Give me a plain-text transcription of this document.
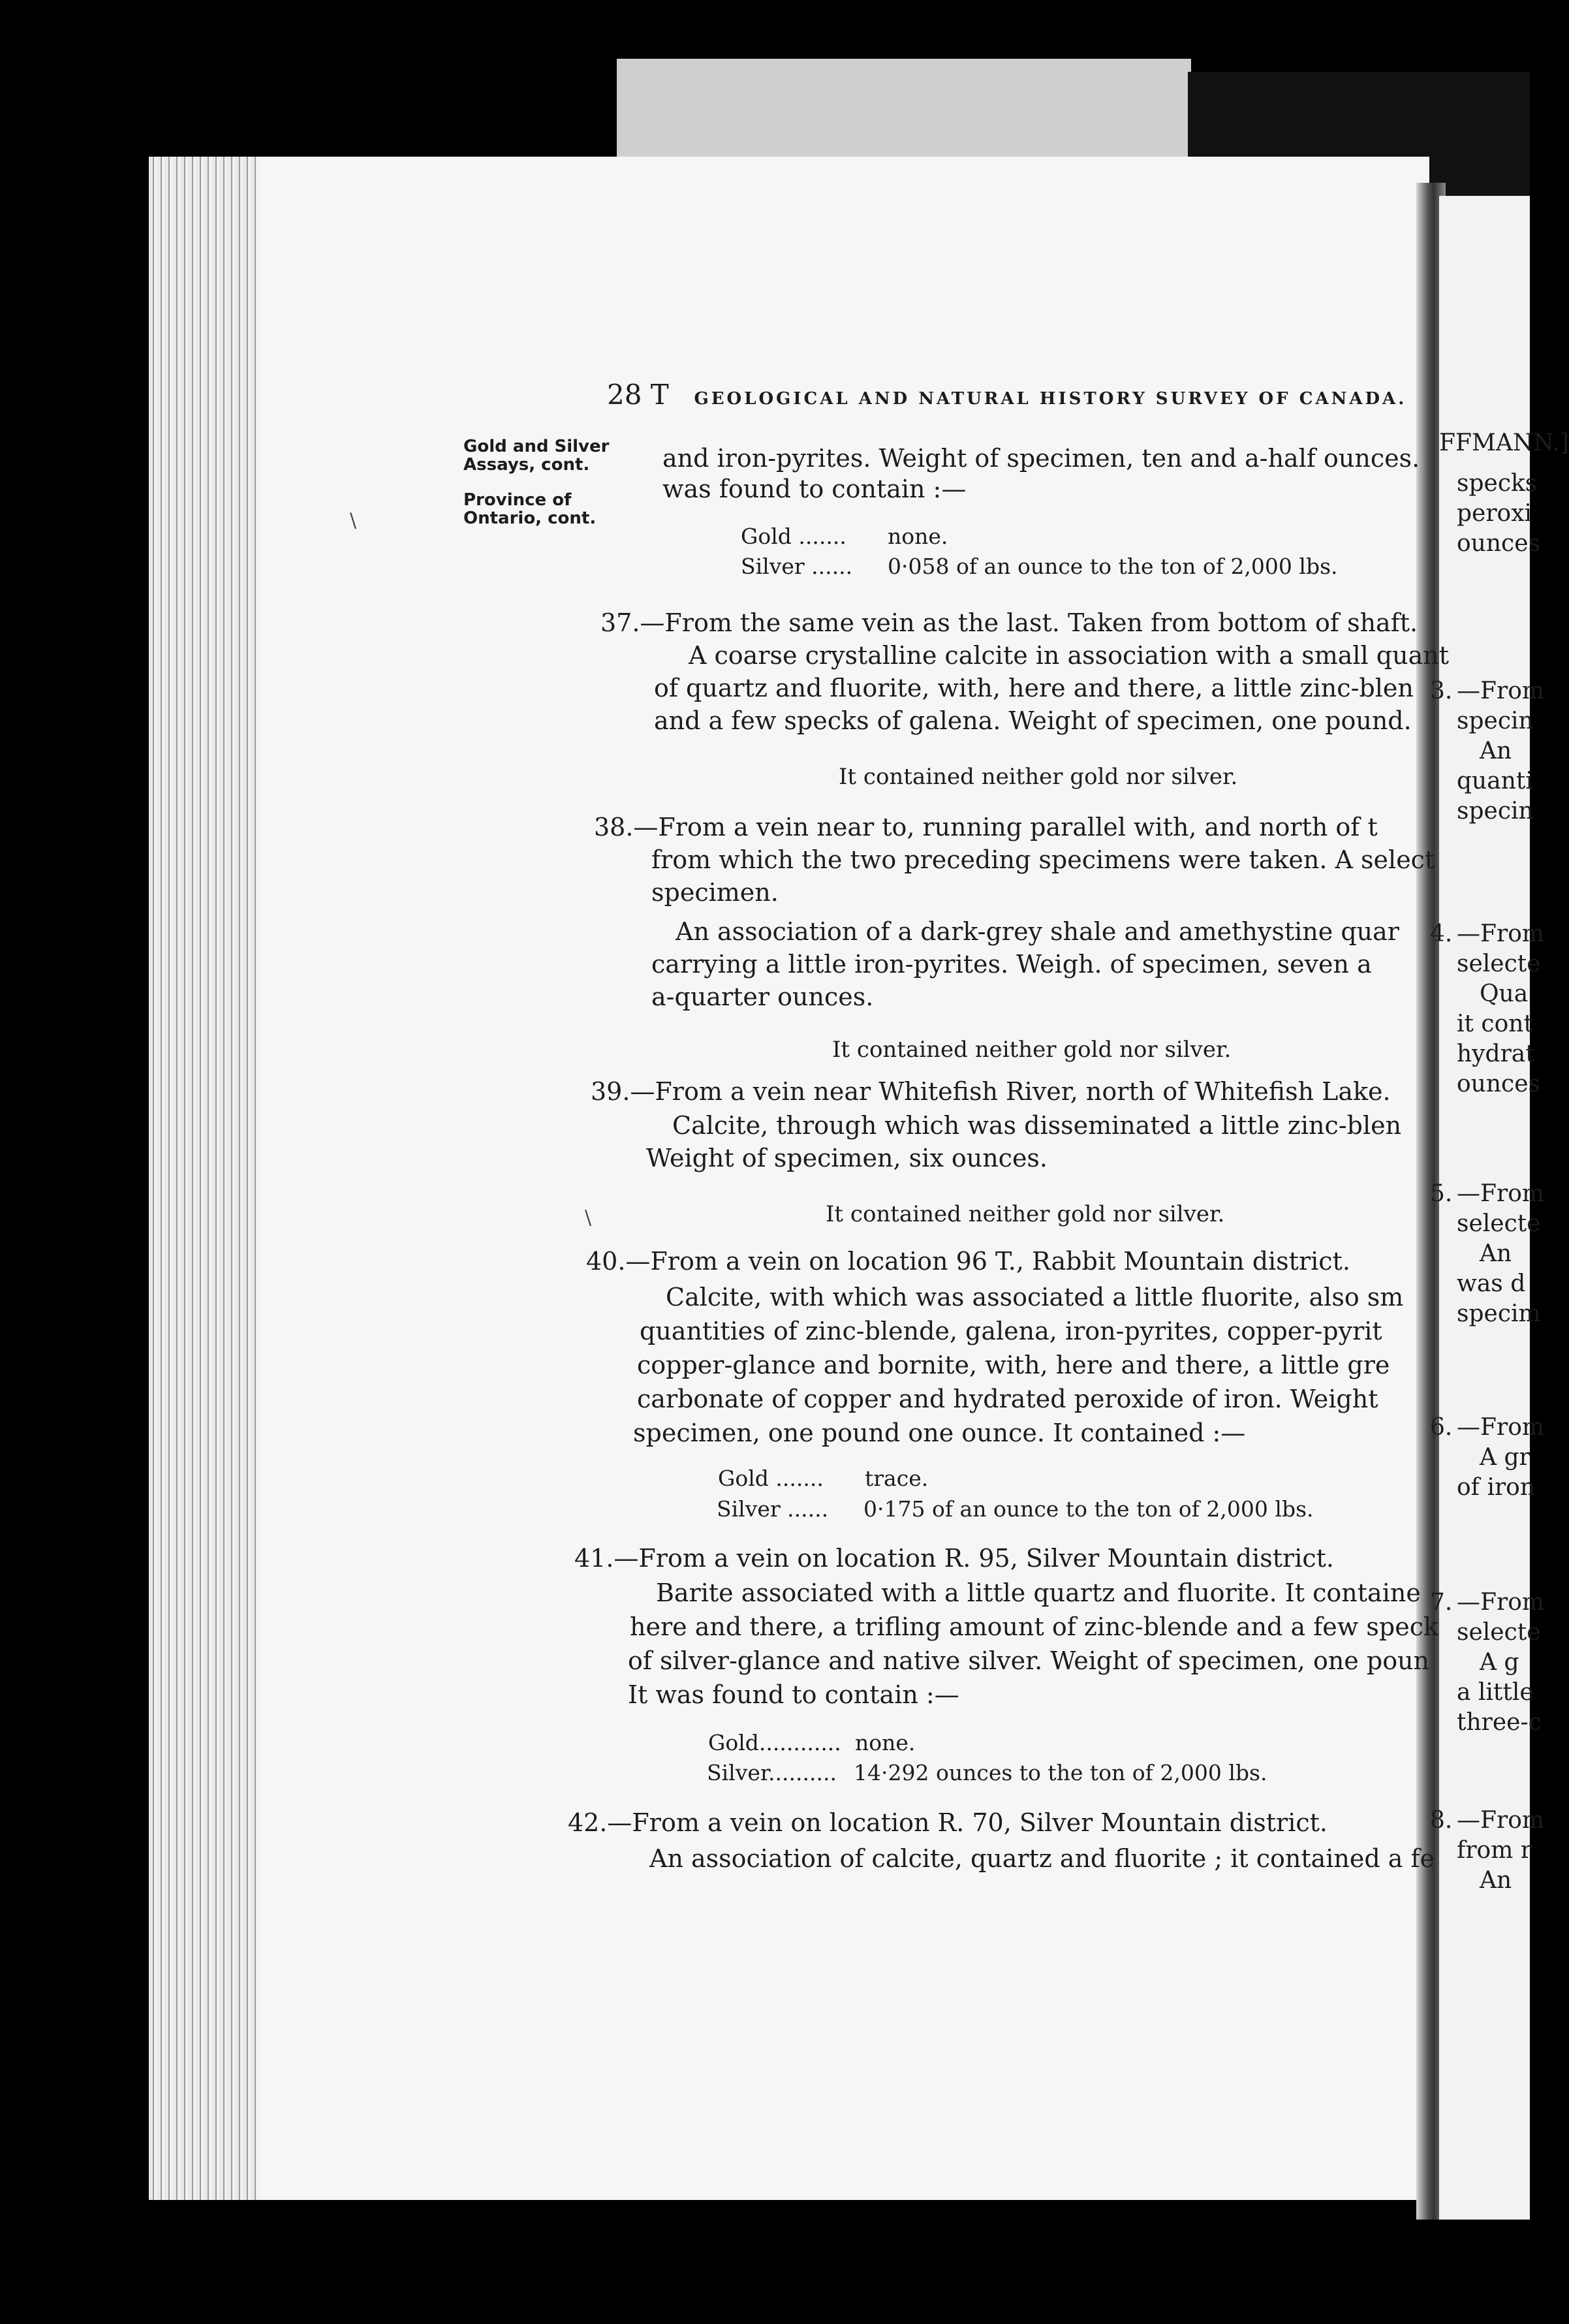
FFMANN.]
specks
peroxi
ounces
3. —From
specin
An
quanti
specin
4. —From
selecte
Qua
it cont
hydrat
ounces
5. —From
selecte
An
was d
specim
6. —From
A gr
of iron
7. —From
selecte
A g
a little
three-c
8. —From
from r
An
28 T GEOLOGICAL AND NATURAL HISTORY SURVEY OF CANADA.
Gold and Silver
Assays, cont.
Province of
Ontario, cont.
\
and iron-pyrites. Weight of specimen, ten and a-half ounces.
was found to contain :—
Gold ....... none.
Silver ...... 0·058 of an ounce to the ton of 2,000 lbs.
37.—From the same vein as the last. Taken from bottom of shaft.
A coarse crystalline calcite in association with a small quant
of quartz and fluorite, with, here and there, a little zinc-blen
and a few specks of galena. Weight of specimen, one pound.
It contained neither gold nor silver.
38.—From a vein near to, running parallel with, and north of t
from which the two preceding specimens were taken. A select
specimen.
An association of a dark-grey shale and amethystine quar
carrying a little iron-pyrites. Weigh. of specimen, seven a
a-quarter ounces.
It contained neither gold nor silver.
39.—From a vein near Whitefish River, north of Whitefish Lake.
Calcite, through which was disseminated a little zinc-blen
Weight of specimen, six ounces.
It contained neither gold nor silver.
\
40.—From a vein on location 96 T., Rabbit Mountain district.
Calcite, with which was associated a little fluorite, also sm
quantities of zinc-blende, galena, iron-pyrites, copper-pyrit
copper-glance and bornite, with, here and there, a little gre
carbonate of copper and hydrated peroxide of iron. Weight
specimen, one pound one ounce. It contained :—
Gold ....... trace.
Silver ...... 0·175 of an ounce to the ton of 2,000 lbs.
41.—From a vein on location R. 95, Silver Mountain district.
Barite associated with a little quartz and fluorite. It containe
here and there, a trifling amount of zinc-blende and a few speck
of silver-glance and native silver. Weight of specimen, one poun
It was found to contain :—
Gold............ none.
Silver.......... 14·292 ounces to the ton of 2,000 lbs.
42.—From a vein on location R. 70, Silver Mountain district.
An association of calcite, quartz and fluorite ; it contained a fe
